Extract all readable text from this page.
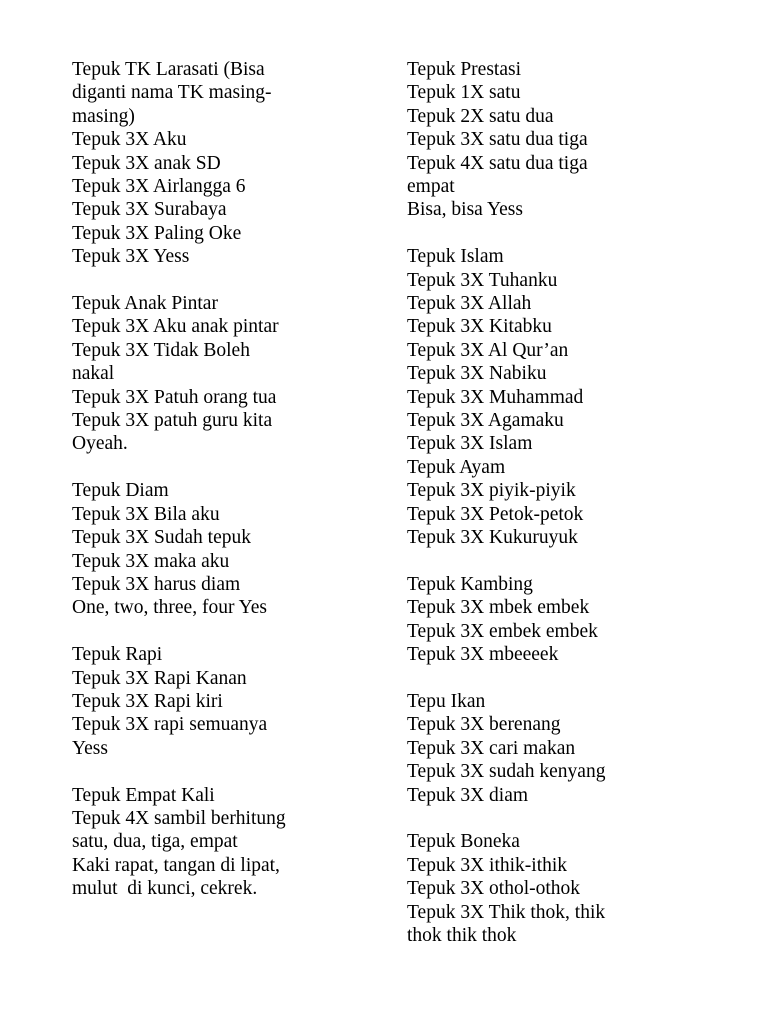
Tepuk TK Larasati (Bisa
diganti nama TK masing-
masing)
Tepuk 3X Aku
Tepuk 3X anak SD
Tepuk 3X Airlangga 6
Tepuk 3X Surabaya
Tepuk 3X Paling Oke
Tepuk 3X Yess
Tepuk Anak Pintar
Tepuk 3X Aku anak pintar
Tepuk 3X Tidak Boleh
nakal
Tepuk 3X Patuh orang tua
Tepuk 3X patuh guru kita
Oyeah.
Tepuk Diam
Tepuk 3X Bila aku
Tepuk 3X Sudah tepuk
Tepuk 3X maka aku
Tepuk 3X harus diam
One, two, three, four Yes
Tepuk Rapi
Tepuk 3X Rapi Kanan
Tepuk 3X Rapi kiri
Tepuk 3X rapi semuanya
Yess
Tepuk Empat Kali
Tepuk 4X sambil berhitung
satu, dua, tiga, empat
Kaki rapat, tangan di lipat,
mulut  di kunci, cekrek.
Tepuk Prestasi
Tepuk 1X satu
Tepuk 2X satu dua
Tepuk 3X satu dua tiga
Tepuk 4X satu dua tiga
empat
Bisa, bisa Yess
Tepuk Islam
Tepuk 3X Tuhanku
Tepuk 3X Allah
Tepuk 3X Kitabku
Tepuk 3X Al Qur’an
Tepuk 3X Nabiku
Tepuk 3X Muhammad
Tepuk 3X Agamaku
Tepuk 3X Islam
Tepuk Ayam
Tepuk 3X piyik-piyik
Tepuk 3X Petok-petok
Tepuk 3X Kukuruyuk
Tepuk Kambing
Tepuk 3X mbek embek
Tepuk 3X embek embek
Tepuk 3X mbeeeek
Tepu Ikan
Tepuk 3X berenang
Tepuk 3X cari makan
Tepuk 3X sudah kenyang
Tepuk 3X diam
Tepuk Boneka
Tepuk 3X ithik-ithik
Tepuk 3X othol-othok
Tepuk 3X Thik thok, thik
thok thik thok
